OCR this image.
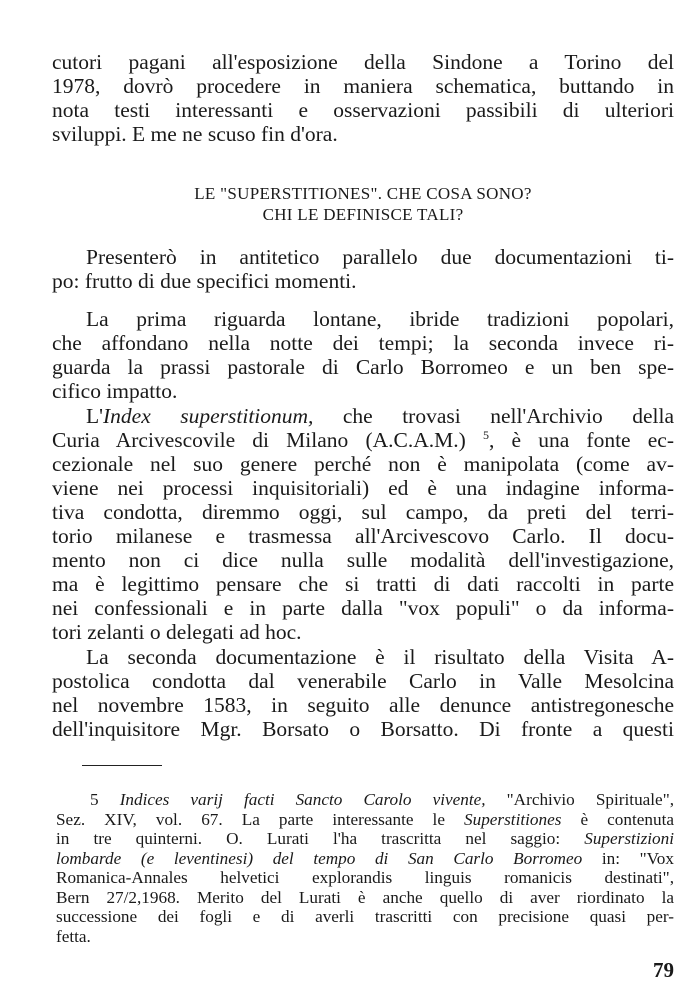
cutori pagani all'esposizione della Sindone a Torino del
1978, dovrò procedere in maniera schematica, buttando in
nota testi interessanti e osservazioni passibili di ulteriori
sviluppi. E me ne scuso fin d'ora.
LE "SUPERSTITIONES". CHE COSA SONO?
CHI LE DEFINISCE TALI?
Presenterò in antitetico parallelo due documentazioni ti-
po: frutto di due specifici momenti.
La prima riguarda lontane, ibride tradizioni popolari,
che affondano nella notte dei tempi; la seconda invece ri-
guarda la prassi pastorale di Carlo Borromeo e un ben spe-
cifico impatto.
L'Index superstitionum, che trovasi nell'Archivio della
Curia Arcivescovile di Milano (A.C.A.M.) $^5$, è una fonte ec-
cezionale nel suo genere perché non è manipolata (come av-
viene nei processi inquisitoriali) ed è una indagine informa-
tiva condotta, diremmo oggi, sul campo, da preti del terri-
torio milanese e trasmessa all'Arcivescovo Carlo. Il docu-
mento non ci dice nulla sulle modalità dell'investigazione,
ma è legittimo pensare che si tratti di dati raccolti in parte
nei confessionali e in parte dalla "vox populi" o da informa-
tori zelanti o delegati ad hoc.
La seconda documentazione è il risultato della Visita A-
postolica condotta dal venerabile Carlo in Valle Mesolcina
nel novembre 1583, in seguito alle denunce antistregonesche
dell'inquisitore Mgr. Borsato o Borsatto. Di fronte a questi
5 Indices varij facti Sancto Carolo vivente, "Archivio Spirituale",
Sez. XIV, vol. 67. La parte interessante le Superstitiones è contenuta
in tre quinterni. O. Lurati l'ha trascritta nel saggio: Superstizioni
lombarde (e leventinesi) del tempo di San Carlo Borromeo in: "Vox
Romanica-Annales helvetici explorandis linguis romanicis destinati",
Bern 27/2,1968. Merito del Lurati è anche quello di aver riordinato la
successione dei fogli e di averli trascritti con precisione quasi per-
fetta.
79
